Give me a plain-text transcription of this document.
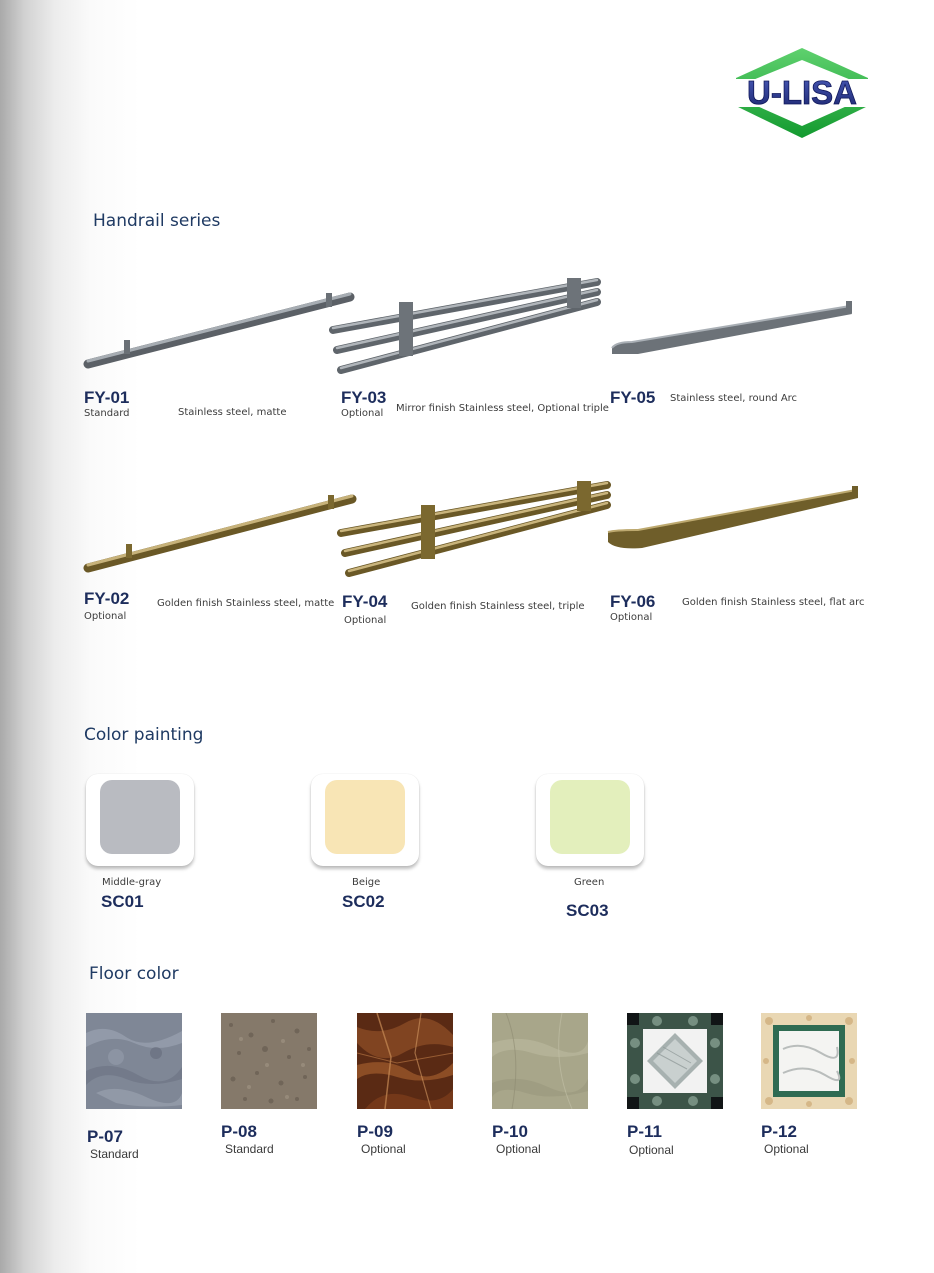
U-LISA
Handrail series
FY-01
Standard	Stainless steel, matte
FY-03
Optional Mirror finish Stainless steel, Optional triple
FY-05 Stainless steel, round Arc
FY-02
Optional
Golden finish Stainless steel, matte FY-04
Optional
Golden finish Stainless steel, triple FY-06
Optional
Golden finish Stainless steel, flat arc
Color painting
Middle-gray
SC01
Beige
SC02
Green
SC03
Floor color
P-07
Standard
P-08
Standard
P-09
Optional
P-10
Optional
P-11
Optional
P-12
Optional
